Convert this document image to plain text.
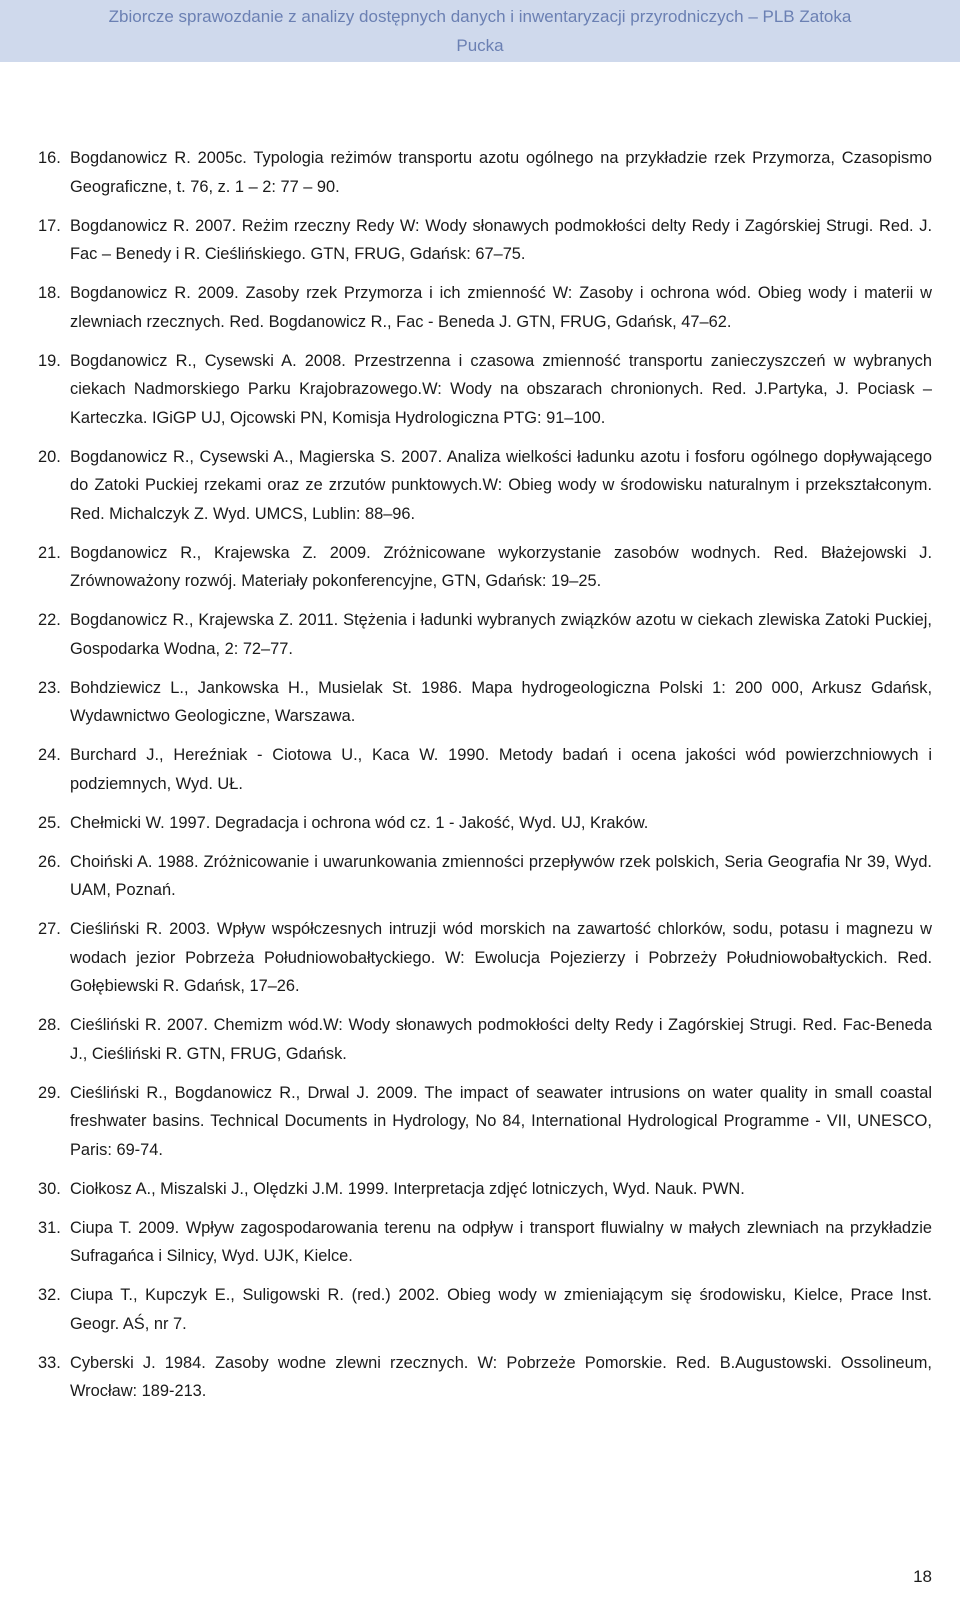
Zbiorcze sprawozdanie z analizy dostępnych danych i inwentaryzacji przyrodniczych – PLB Zatoka
Pucka
16. Bogdanowicz R. 2005c. Typologia reżimów transportu azotu ogólnego na przykładzie rzek Przymorza, Czasopismo Geograficzne, t. 76, z. 1 – 2: 77 – 90.
17. Bogdanowicz R. 2007. Reżim rzeczny Redy W: Wody słonawych podmokłości delty Redy i Zagórskiej Strugi. Red. J. Fac – Benedy i R. Cieślińskiego. GTN, FRUG, Gdańsk: 67–75.
18. Bogdanowicz R. 2009. Zasoby rzek Przymorza i ich zmienność W: Zasoby i ochrona wód. Obieg wody i materii w zlewniach rzecznych. Red. Bogdanowicz R., Fac - Beneda J. GTN, FRUG, Gdańsk, 47–62.
19. Bogdanowicz R., Cysewski A. 2008. Przestrzenna i czasowa zmienność transportu zanieczyszczeń w wybranych ciekach Nadmorskiego Parku Krajobrazowego.W: Wody na obszarach chronionych. Red. J.Partyka, J. Pociask – Karteczka. IGiGP UJ, Ojcowski PN, Komisja Hydrologiczna PTG: 91–100.
20. Bogdanowicz R., Cysewski A., Magierska S. 2007. Analiza wielkości ładunku azotu i fosforu ogólnego dopływającego do Zatoki Puckiej rzekami oraz ze zrzutów punktowych.W: Obieg wody w środowisku naturalnym i przekształconym. Red. Michalczyk Z. Wyd. UMCS, Lublin: 88–96.
21. Bogdanowicz R., Krajewska Z. 2009. Zróżnicowane wykorzystanie zasobów wodnych. Red. Błażejowski J. Zrównoważony rozwój. Materiały pokonferencyjne, GTN, Gdańsk: 19–25.
22. Bogdanowicz R., Krajewska Z. 2011. Stężenia i ładunki wybranych związków azotu w ciekach zlewiska Zatoki Puckiej, Gospodarka Wodna, 2: 72–77.
23. Bohdziewicz L., Jankowska H., Musielak St. 1986. Mapa hydrogeologiczna Polski 1: 200 000, Arkusz Gdańsk, Wydawnictwo Geologiczne, Warszawa.
24. Burchard J., Hereźniak - Ciotowa U., Kaca W. 1990. Metody badań i ocena jakości wód powierzchniowych i podziemnych, Wyd. UŁ.
25. Chełmicki W. 1997. Degradacja i ochrona wód cz. 1 - Jakość, Wyd. UJ, Kraków.
26. Choiński A. 1988. Zróżnicowanie i uwarunkowania zmienności przepływów rzek polskich, Seria Geografia Nr 39, Wyd. UAM, Poznań.
27. Cieśliński R. 2003. Wpływ współczesnych intruzji wód morskich na zawartość chlorków, sodu, potasu i magnezu w wodach jezior Pobrzeża Południowobałtyckiego. W: Ewolucja Pojezierzy i Pobrzeży Południowobałtyckich. Red. Gołębiewski R. Gdańsk, 17–26.
28. Cieśliński R. 2007. Chemizm wód.W: Wody słonawych podmokłości delty Redy i Zagórskiej Strugi. Red. Fac-Beneda J., Cieśliński R. GTN, FRUG, Gdańsk.
29. Cieśliński R., Bogdanowicz R., Drwal J. 2009. The impact of seawater intrusions on water quality in small coastal freshwater basins. Technical Documents in Hydrology, No 84, International Hydrological Programme - VII, UNESCO, Paris: 69-74.
30. Ciołkosz A., Miszalski J., Olędzki J.M. 1999. Interpretacja zdjęć lotniczych, Wyd. Nauk. PWN.
31. Ciupa T. 2009. Wpływ zagospodarowania terenu na odpływ i transport fluwialny w małych zlewniach na przykładzie Sufragańca i Silnicy, Wyd. UJK, Kielce.
32. Ciupa T., Kupczyk E., Suligowski R. (red.) 2002. Obieg wody w zmieniającym się środowisku, Kielce, Prace Inst. Geogr. AŚ, nr 7.
33. Cyberski J. 1984. Zasoby wodne zlewni rzecznych. W: Pobrzeże Pomorskie. Red. B.Augustowski. Ossolineum, Wrocław: 189-213.
18
